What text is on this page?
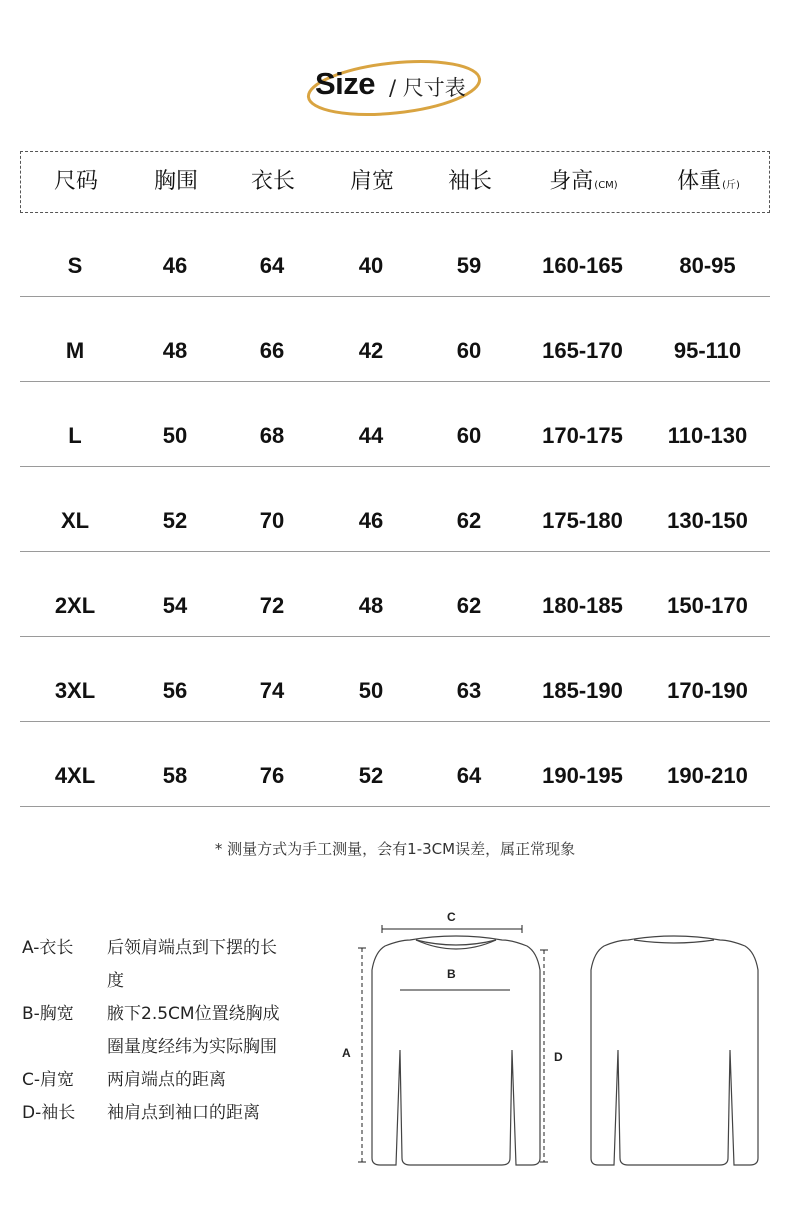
Size / 尺寸表
尺码	胸围	衣长	肩宽	袖长	身高(CM)	体重(斤)
S	46	64	40	59	160-165	80-95
M	48	66	42	60	165-170	95-110
L	50	68	44	60	170-175	110-130
XL	52	70	46	62	175-180	130-150
2XL	54	72	48	62	180-185	150-170
3XL	56	74	50	63	185-190	170-190
4XL	58	76	52	64	190-195	190-210
* 测量方式为手工测量，会有1-3CM误差，属正常现象
A-衣长 后领肩端点到下摆的长度
B-胸宽 腋下2.5CM位置绕胸成圈量度经纬为实际胸围
C-肩宽 两肩端点的距离
D-袖长 袖肩点到袖口的距离
C
B
A	D
